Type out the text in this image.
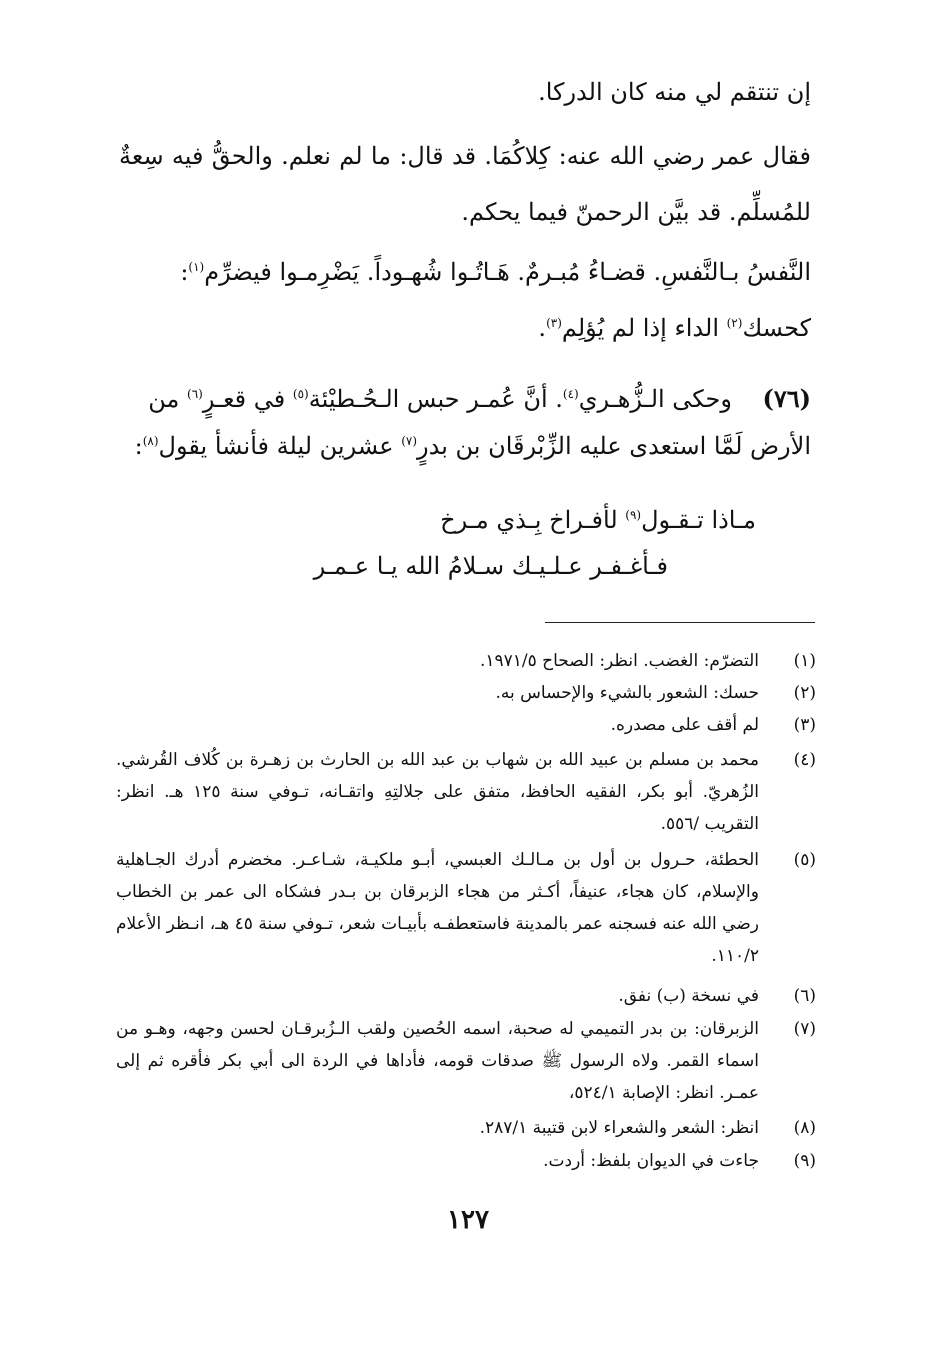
إن تنتقم لي منه كان الدركا.

فقال عمر رضي الله عنه: كِلاكُمَا. قد قال: ما لم نعلم. والحقُّ فيه سِعةٌ للمُسلِّم. قد بيَّن الرحمنّ فيما يحكم.

النَّفسُ بـالنَّفسِ. قضـاءُ مُبـرمٌ. هَـاتُـوا شُهـوداً. يَضْرِمـوا فيضرِّم$^{(١)}$:
كحسك$^{(٢)}$ الداء إذا لم يُؤلِم$^{(٣)}$.
(٧٦)    وحكى الـزُّهـري$^{(٤)}$. أنَّ عُمـر حبس الـحُـطيْئة$^{(٥)}$ في قعـرٍ$^{(٦)}$ من
الأرض لَمَّا استعدى عليه الزِّبْرقَان بن بدرٍ$^{(٧)}$ عشرين ليلة فأنشأ يقول$^{(٨)}$:
مـاذا تـقـول$^{(٩)}$ لأفـراخ بِـذي مـرخ
فـأغـفـر عـلـيـك سـلامُ الله يـا عـمـر
(١)
التضرّم: الغضب. انظر: الصحاح ١٩٧١/٥.
(٢)
حسك: الشعور بالشيء والإحساس به.
(٣)
لم أقف على مصدره.
(٤)
محمد بن مسلم بن عبيد الله بن شهاب بن عبد الله بن الحارث بن زهـرة بن كُلاف القُرشي. الزُهريّ. أبو بكر، الفقيه الحافظ، متفق على جلالتِهِ واتقـانه، تـوفي سنة ١٢٥ هـ. انظر: التقريب /٥٥٦.
(٥)
الحطئة، حـرول بن أول بن مـالـك العبسي، أبـو ملكيـة، شـاعـر. مخضرم أدرك الجـاهلية والإسلام، كان هجاء، عنيفاً، أكـثر من هجاء الزبرقان بن بـدر فشكاه الى عمر بن الخطاب رضي الله عنه فسجنه عمر بالمدينة فاستعطفـه بأبيـات شعر، تـوفي سنة ٤٥ هـ، انـظر الأعلام ١١٠/٢.
(٦)
في نسخة (ب) نفق.
(٧)
الزبرقان: بن بدر التميمي له صحبة، اسمه الحُصين ولقب الـزُبرقـان لحسن وجهه، وهـو من اسماء القمر. ولاه الرسول ﷺ صدقات قومه، فأداها في الردة الى أبي بكر فأقره ثم إلى عمـر. انظر: الإصابة ٥٢٤/١،
(٨)
انظر: الشعر والشعراء لابن قتيبة ٢٨٧/١.
(٩)
جاءت في الديوان بلفظ: أردت.
١٢٧
